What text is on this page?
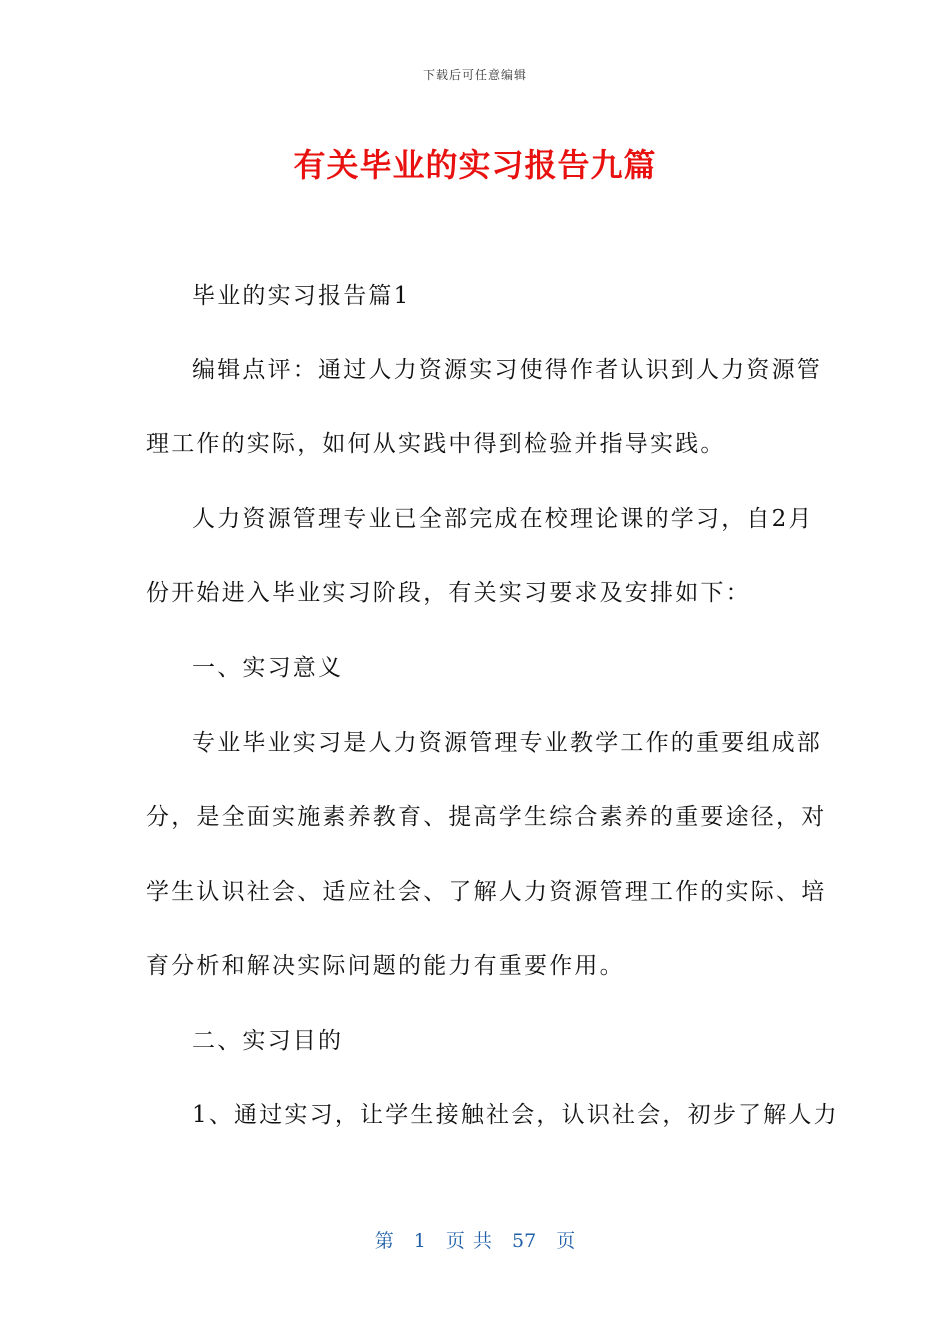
下载后可任意编辑
有关毕业的实习报告九篇
毕业的实习报告篇1
编辑点评：通过人力资源实习使得作者认识到人力资源管
理工作的实际，如何从实践中得到检验并指导实践。
人力资源管理专业已全部完成在校理论课的学习，自2月
份开始进入毕业实习阶段，有关实习要求及安排如下：
一、实习意义
专业毕业实习是人力资源管理专业教学工作的重要组成部
分，是全面实施素养教育、提高学生综合素养的重要途径，对
学生认识社会、适应社会、了解人力资源管理工作的实际、培
育分析和解决实际问题的能力有重要作用。
二、实习目的
1、通过实习，让学生接触社会，认识社会，初步了解人力
第 1 页 共 57 页
